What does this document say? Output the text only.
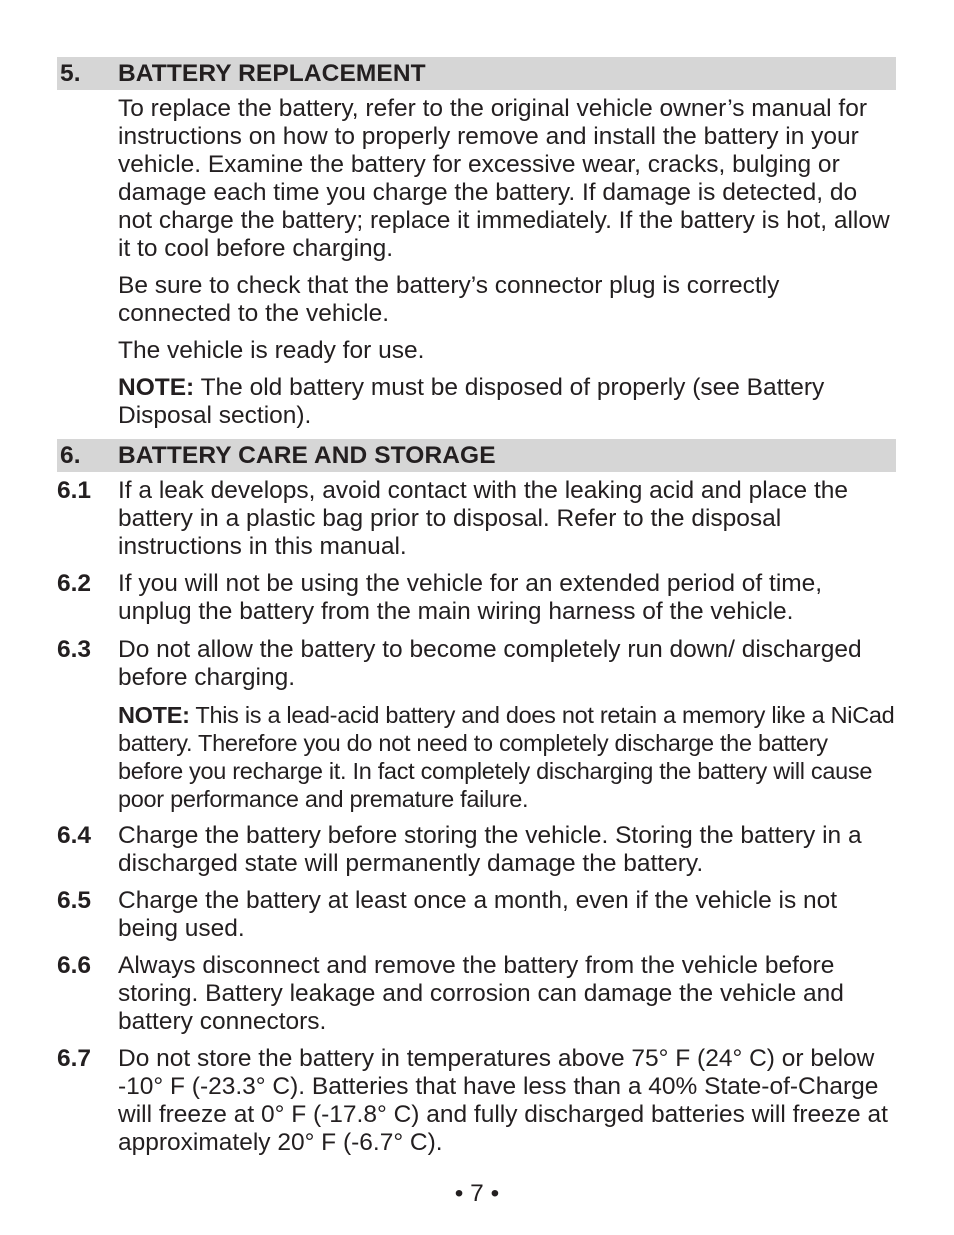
5.	BATTERY REPLACEMENT
To replace the battery, refer to the original vehicle owner’s manual for instructions on how to properly remove and install the battery in your vehicle. Examine the battery for excessive wear, cracks, bulging or damage each time you charge the battery. If damage is detected, do not charge the battery; replace it immediately. If the battery is hot, allow it to cool before charging.
Be sure to check that the battery’s connector plug is correctly connected to the vehicle.
The vehicle is ready for use.
NOTE: The old battery must be disposed of properly (see Battery Disposal section).
6.	BATTERY CARE AND STORAGE
6.1	If a leak develops, avoid contact with the leaking acid and place the battery in a plastic bag prior to disposal. Refer to the disposal instructions in this manual.
6.2	If you will not be using the vehicle for an extended period of time, unplug the battery from the main wiring harness of the vehicle.
6.3	Do not allow the battery to become completely run down/ discharged before charging.
NOTE: This is a lead-acid battery and does not retain a memory like a NiCad battery. Therefore you do not need to completely discharge the battery before you recharge it. In fact completely discharging the battery will cause poor performance and premature failure.
6.4	Charge the battery before storing the vehicle. Storing the battery in a discharged state will permanently damage the battery.
6.5	Charge the battery at least once a month, even if the vehicle is not being used.
6.6	Always disconnect and remove the battery from the vehicle before storing. Battery leakage and corrosion can damage the vehicle and battery connectors.
6.7	Do not store the battery in temperatures above 75° F (24° C) or below -10° F (-23.3° C). Batteries that have less than a 40% State-of-Charge will freeze at 0° F (-17.8° C) and fully discharged batteries will freeze at approximately 20° F (-6.7° C).
• 7 •
